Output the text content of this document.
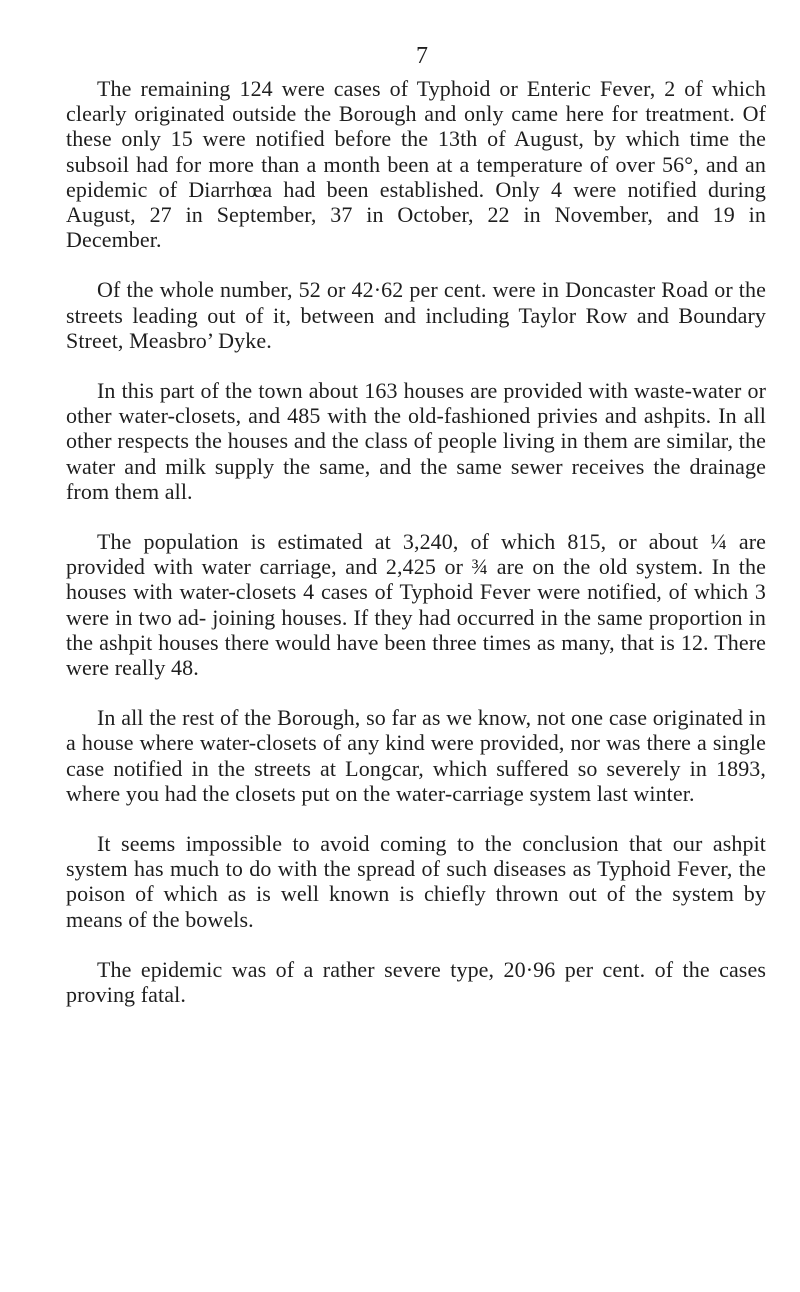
7

The remaining 124 were cases of Typhoid or Enteric Fever, 2 of which clearly originated outside the Borough and only came here for treatment. Of these only 15 were notified before the 13th of August, by which time the subsoil had for more than a month been at a temperature of over 56°, and an epidemic of Diarrhœa had been established. Only 4 were notified during August, 27 in September, 37 in October, 22 in November, and 19 in December.

Of the whole number, 52 or 42·62 per cent. were in Doncaster Road or the streets leading out of it, between and including Taylor Row and Boundary Street, Measbro’ Dyke.

In this part of the town about 163 houses are provided with waste-water or other water-closets, and 485 with the old-fashioned privies and ashpits. In all other respects the houses and the class of people living in them are similar, the water and milk supply the same, and the same sewer receives the drainage from them all.

The population is estimated at 3,240, of which 815, or about ¼ are provided with water carriage, and 2,425 or ¾ are on the old system. In the houses with water-closets 4 cases of Typhoid Fever were notified, of which 3 were in two ad- joining houses. If they had occurred in the same proportion in the ashpit houses there would have been three times as many, that is 12. There were really 48.

In all the rest of the Borough, so far as we know, not one case originated in a house where water-closets of any kind were provided, nor was there a single case notified in the streets at Longcar, which suffered so severely in 1893, where you had the closets put on the water-carriage system last winter.

It seems impossible to avoid coming to the conclusion that our ashpit system has much to do with the spread of such diseases as Typhoid Fever, the poison of which as is well known is chiefly thrown out of the system by means of the bowels.

The epidemic was of a rather severe type, 20·96 per cent. of the cases proving fatal.
